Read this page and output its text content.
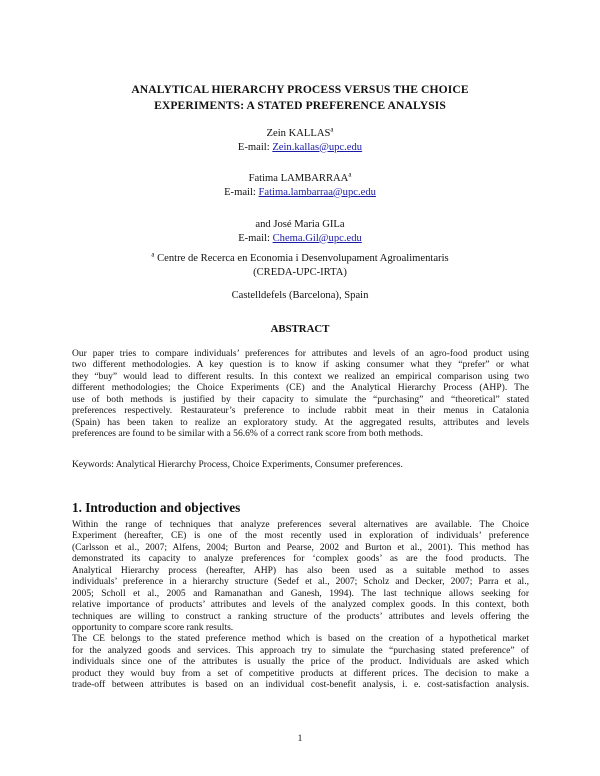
ANALYTICAL HIERARCHY PROCESS VERSUS THE CHOICE
EXPERIMENTS: A STATED PREFERENCE ANALYSIS
Zein KALLAS$^a$
E-mail: Zein.kallas@upc.edu
Fatima LAMBARRAA$^a$
E-mail: Fatima.lambarraa@upc.edu
and José Maria GILa
E-mail: Chema.Gil@upc.edu
$^a$ Centre de Recerca en Economia i Desenvolupament Agroalimentaris
(CREDA-UPC-IRTA)
Castelldefels (Barcelona), Spain
ABSTRACT
Our paper tries to compare individuals’ preferences for attributes and levels of an agro-food product using
two different methodologies. A key question is to know if asking consumer what they “prefer” or what
they “buy” would lead to different results. In this context we realized an empirical comparison using two
different methodologies; the Choice Experiments (CE) and the Analytical Hierarchy Process (AHP). The
use of both methods is justified by their capacity to simulate the “purchasing” and “theoretical” stated
preferences respectively. Restaurateur’s preference to include rabbit meat in their menus in Catalonia
(Spain) has been taken to realize an exploratory study. At the aggregated results, attributes and levels
preferences are found to be similar with a 56.6% of a correct rank score from both methods.
Keywords: Analytical Hierarchy Process, Choice Experiments, Consumer preferences.
1. Introduction and objectives
Within the range of techniques that analyze preferences several alternatives are available. The Choice
Experiment (hereafter, CE) is one of the most recently used in exploration of individuals’ preference
(Carlsson et al., 2007; Alfens, 2004; Burton and Pearse, 2002 and Burton et al., 2001). This method has
demonstrated its capacity to analyze preferences for ‘complex goods’ as are the food products. The
Analytical Hierarchy process (hereafter, AHP) has also been used as a suitable method to asses
individuals’ preference in a hierarchy structure (Sedef et al., 2007; Scholz and Decker, 2007; Parra et al.,
2005; Scholl et al., 2005 and Ramanathan and Ganesh, 1994). The last technique allows seeking for
relative importance of products’ attributes and levels of the analyzed complex goods. In this context, both
techniques are willing to construct a ranking structure of the products’ attributes and levels offering the
opportunity to compare score rank results.
The CE belongs to the stated preference method which is based on the creation of a hypothetical market
for the analyzed goods and services. This approach try to simulate the “purchasing stated preference” of
individuals since one of the attributes is usually the price of the product. Individuals are asked which
product they would buy from a set of competitive products at different prices. The decision to make a
trade-off between attributes is based on an individual cost-benefit analysis, i. e. cost-satisfaction analysis.
1
